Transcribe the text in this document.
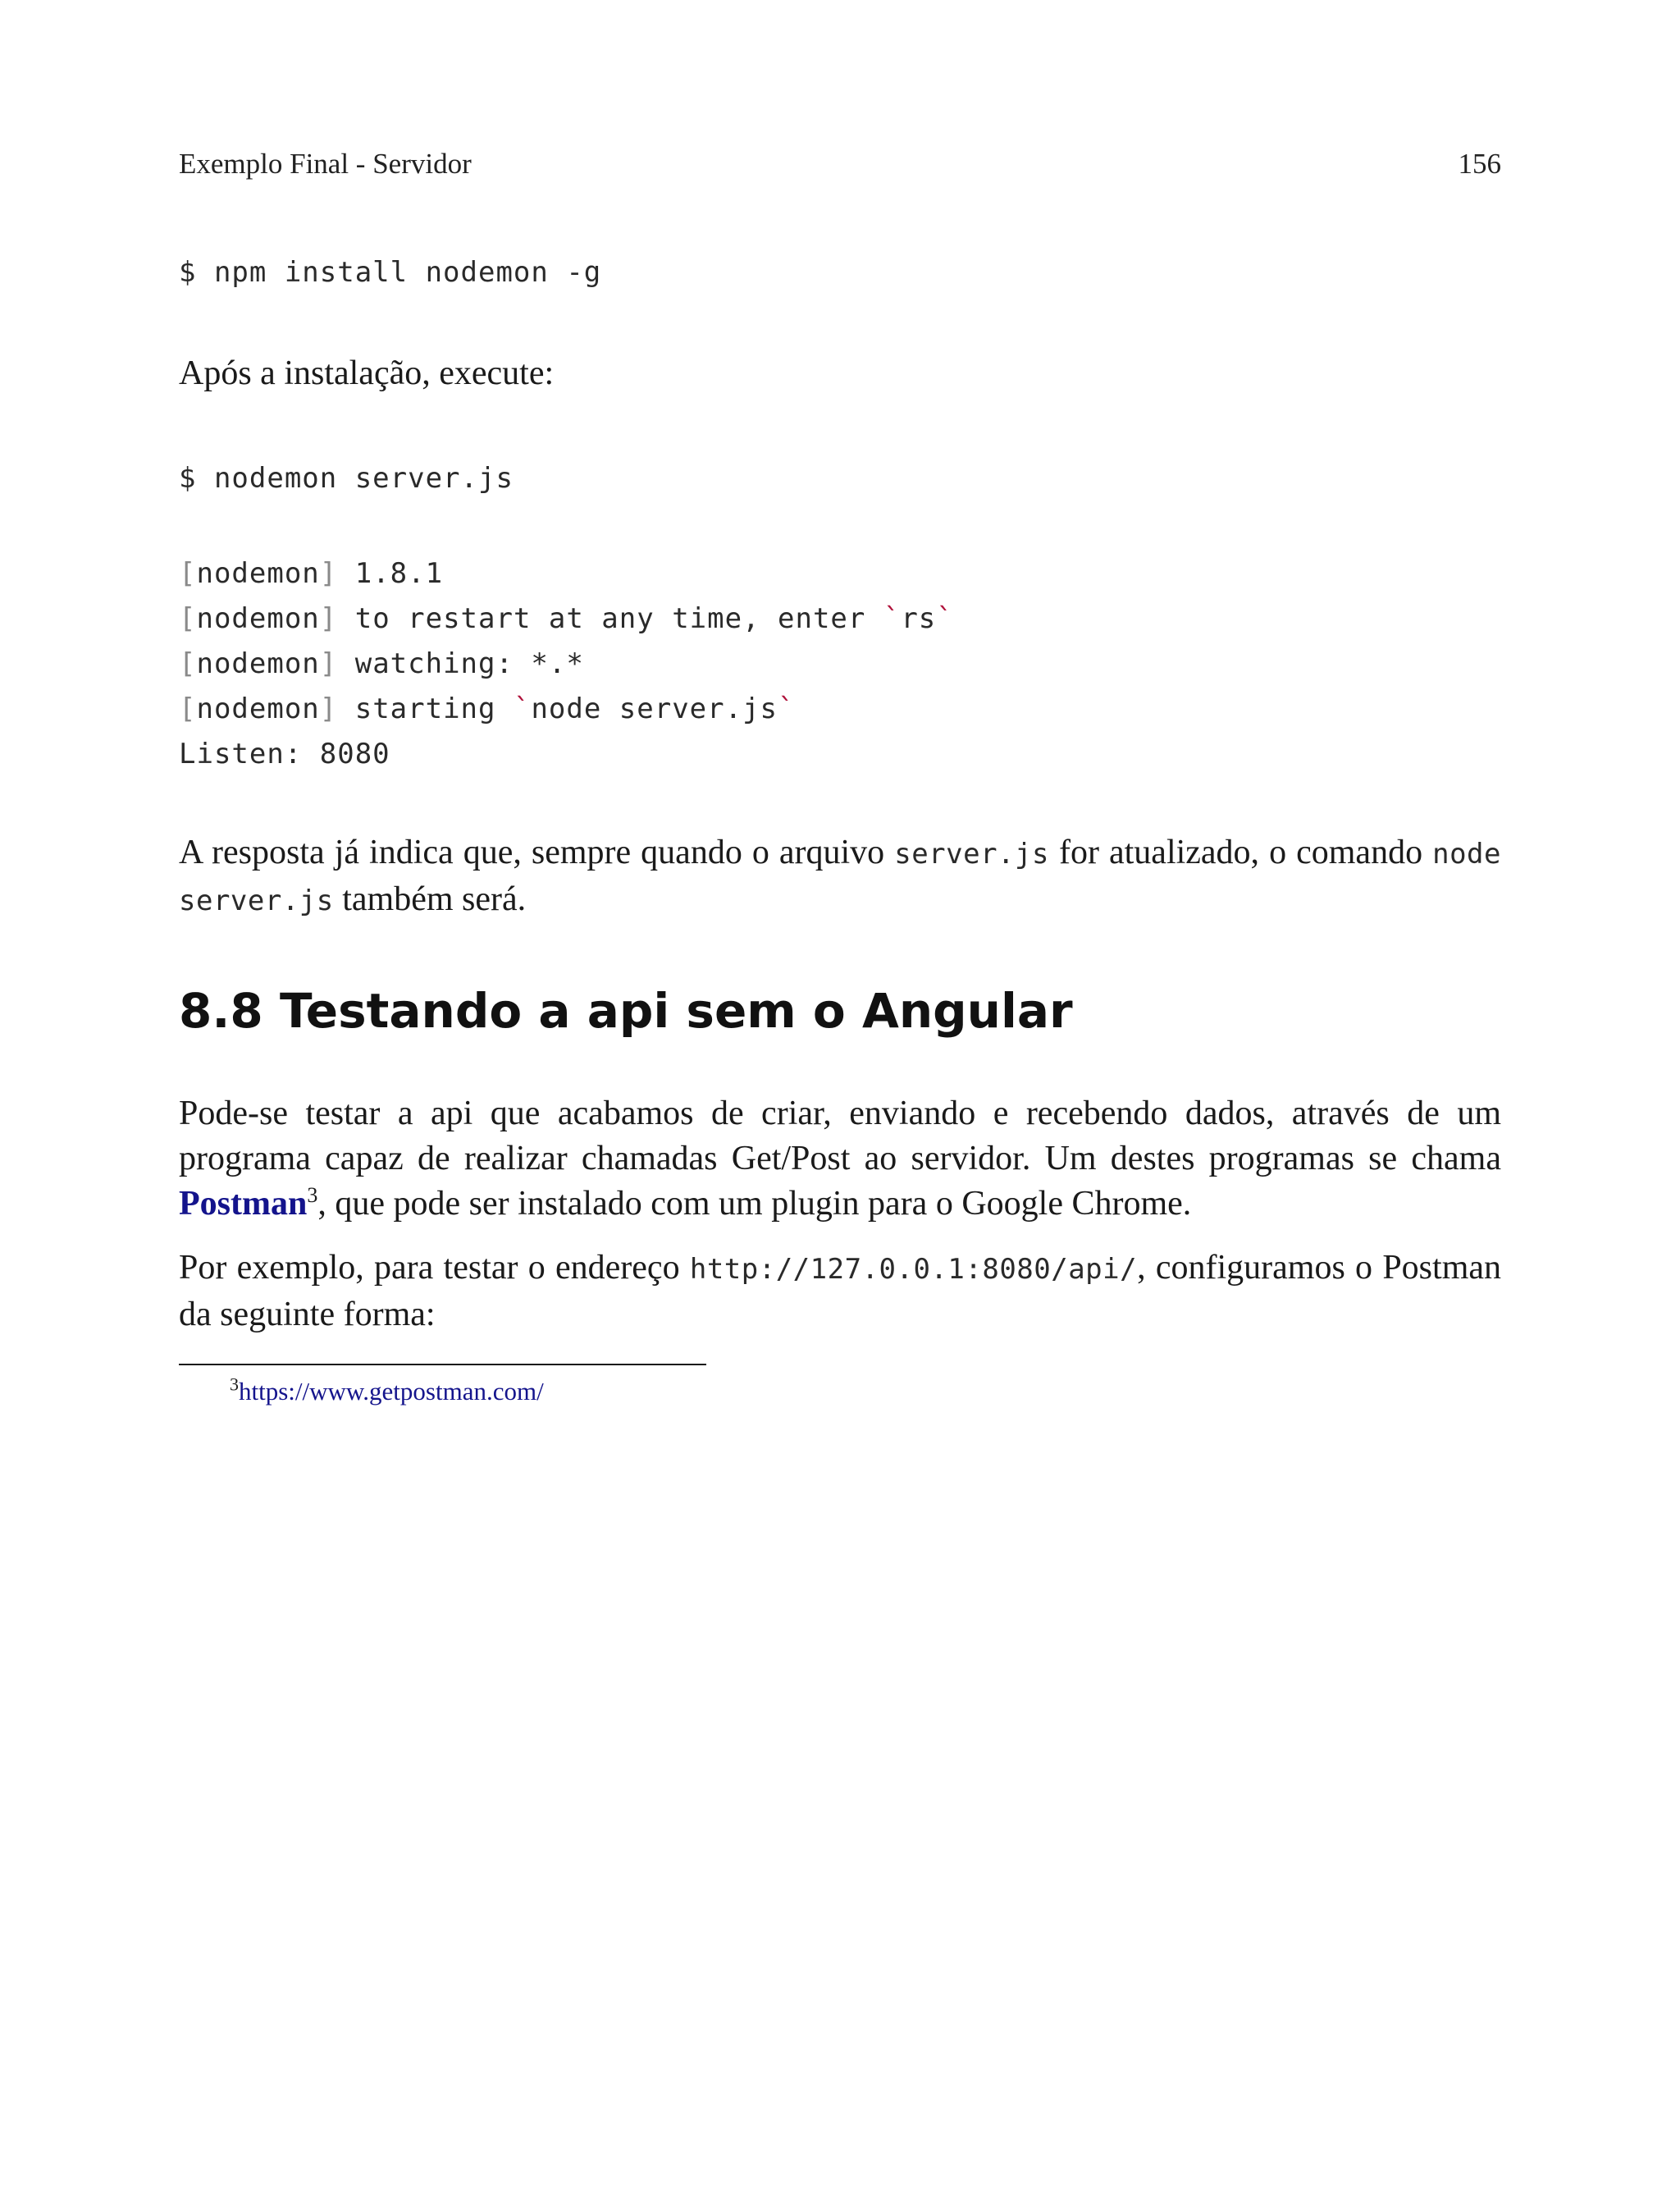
Exemplo Final - Servidor	156
$ npm install nodemon -g
Após a instalação, execute:
$ nodemon server.js
[nodemon] 1.8.1
[nodemon] to restart at any time, enter `rs`
[nodemon] watching: *.*
[nodemon] starting `node server.js`
Listen: 8080
A resposta já indica que, sempre quando o arquivo server.js for atualizado, o comando node server.js também será.
8.8 Testando a api sem o Angular
Pode-se testar a api que acabamos de criar, enviando e recebendo dados, através de um programa capaz de realizar chamadas Get/Post ao servidor. Um destes programas se chama Postman$^3$, que pode ser instalado com um plugin para o Google Chrome.
Por exemplo, para testar o endereço http://127.0.0.1:8080/api/, configuramos o Postman da seguinte forma:
$^3$https://www.getpostman.com/
